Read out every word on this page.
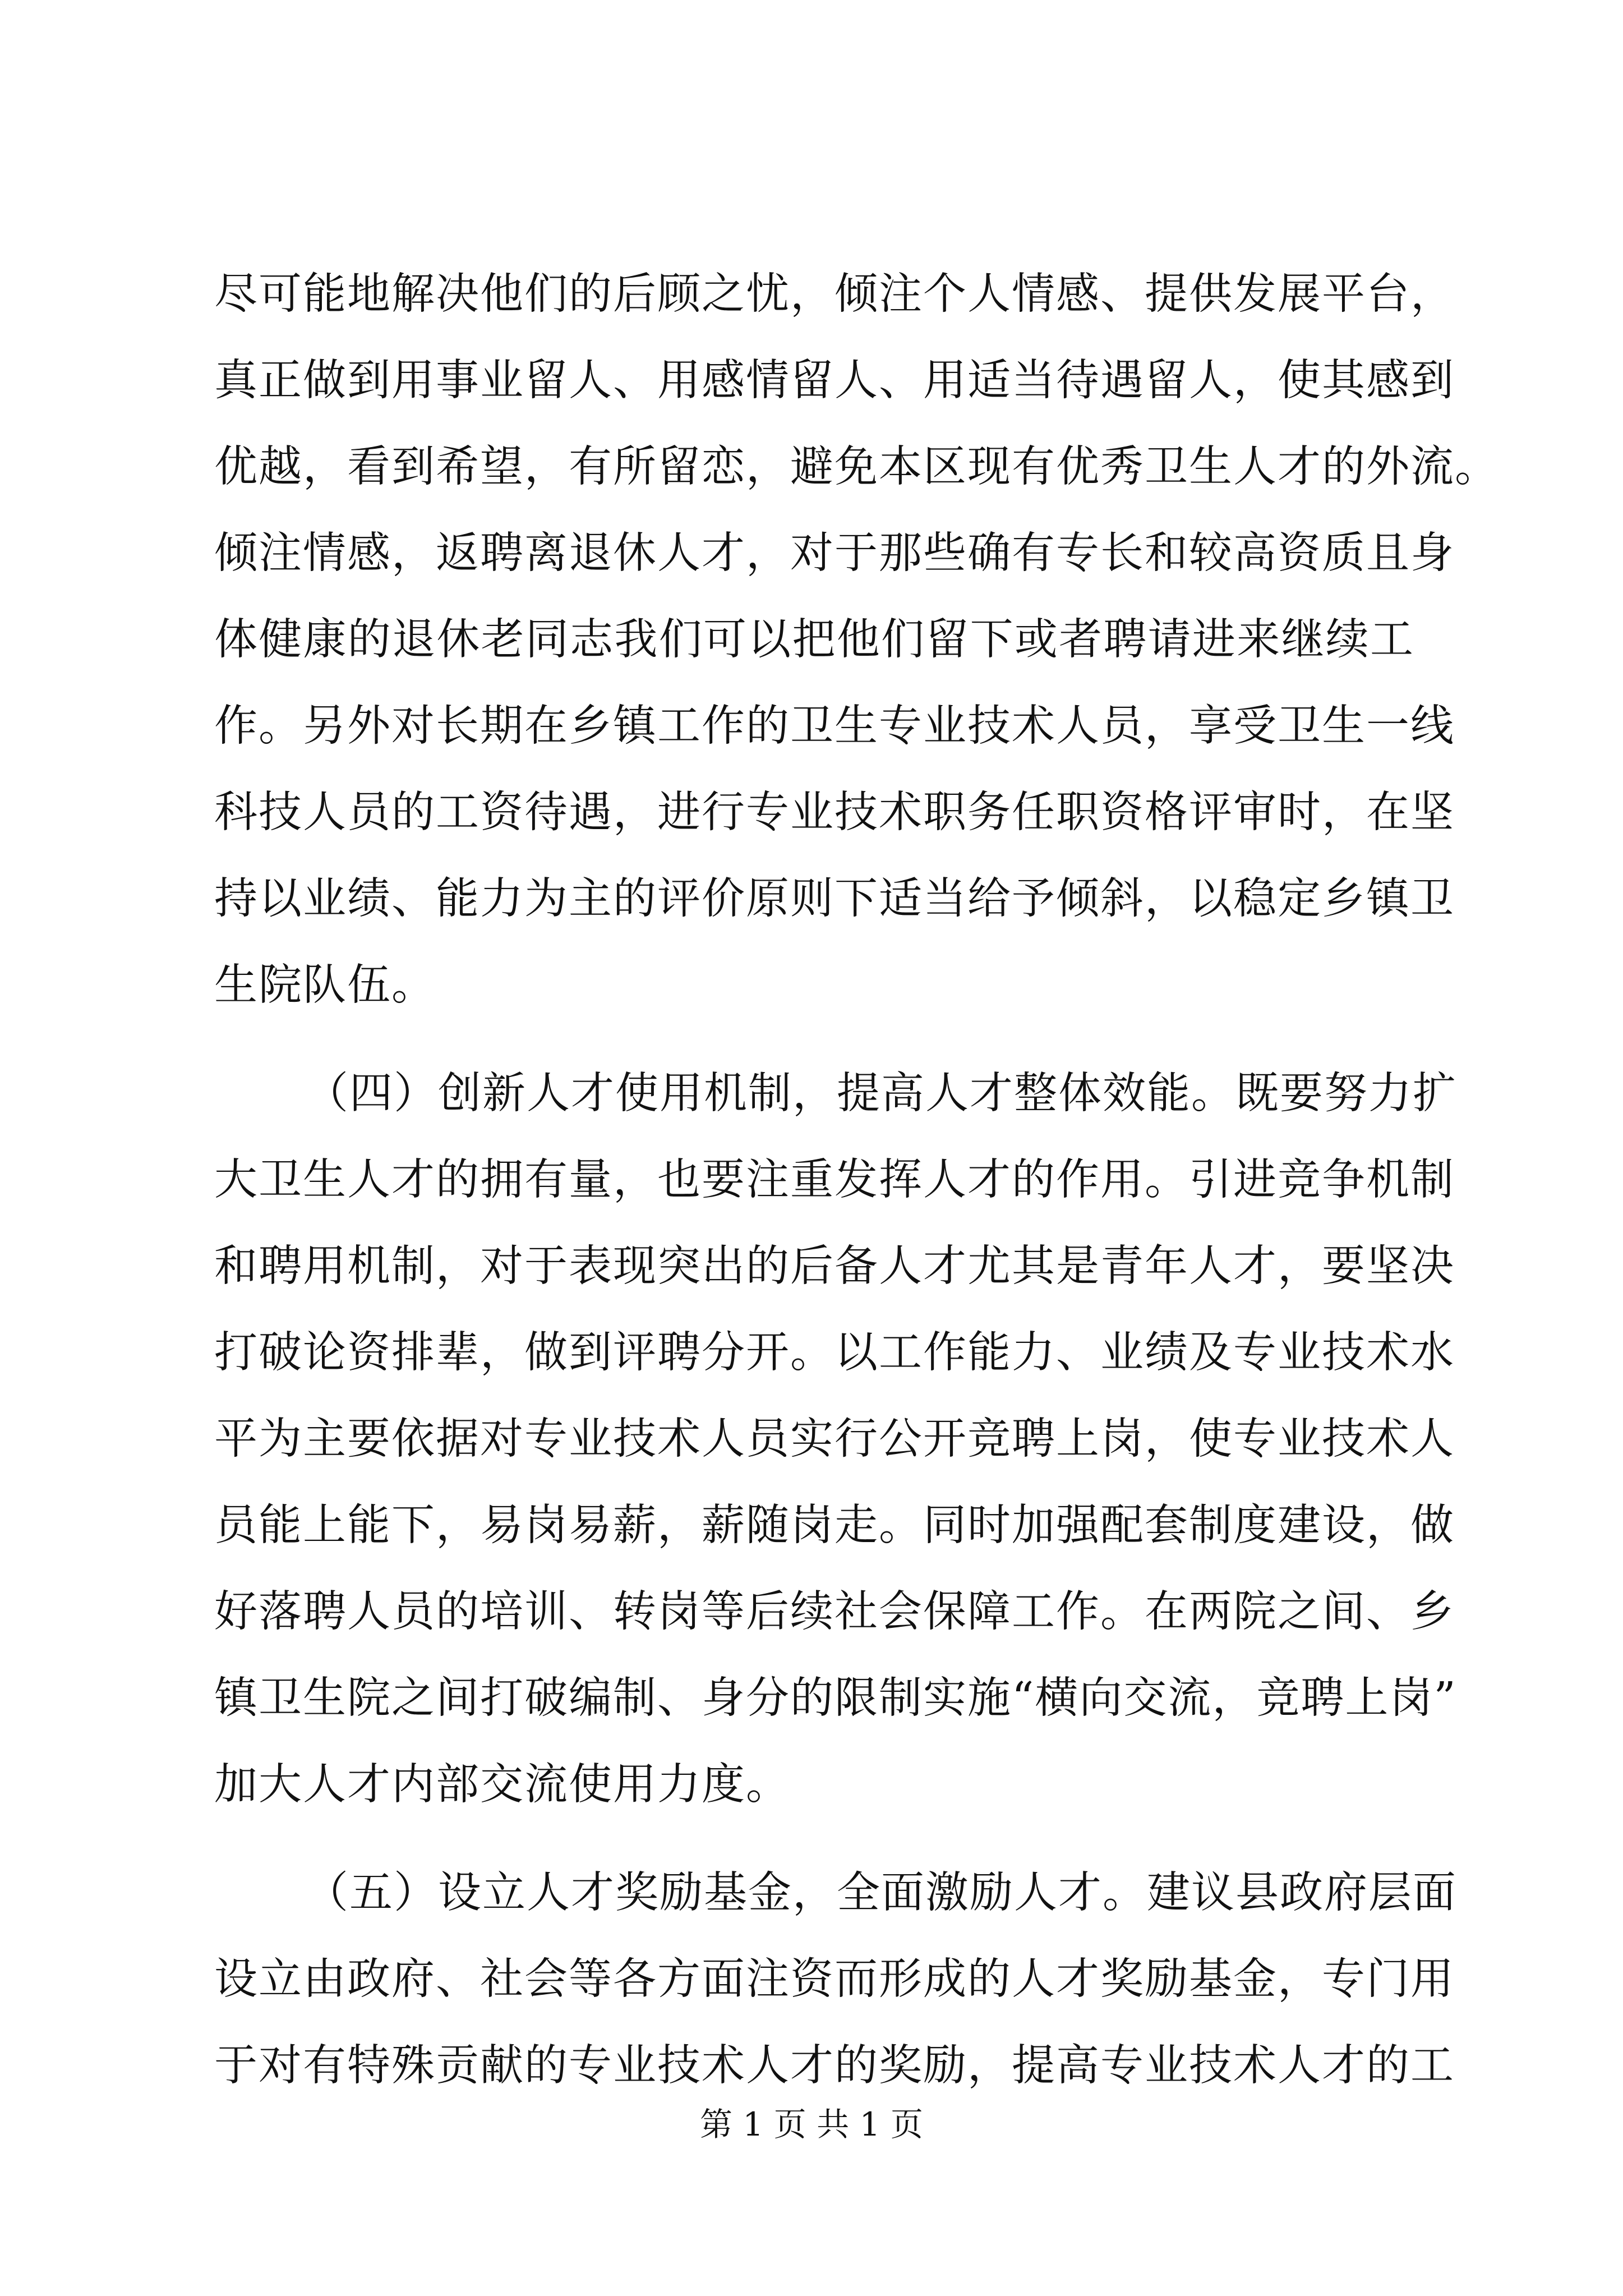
尽可能地解决他们的后顾之忧，倾注个人情感、提供发展平台，
真正做到用事业留人、用感情留人、用适当待遇留人，使其感到
优越，看到希望，有所留恋，避免本区现有优秀卫生人才的外流。
倾注情感，返聘离退休人才，对于那些确有专长和较高资质且身
体健康的退休老同志我们可以把他们留下或者聘请进来继续工
作。另外对长期在乡镇工作的卫生专业技术人员，享受卫生一线
科技人员的工资待遇，进行专业技术职务任职资格评审时，在坚
持以业绩、能力为主的评价原则下适当给予倾斜，以稳定乡镇卫
生院队伍。
（四）创新人才使用机制，提高人才整体效能。既要努力扩
大卫生人才的拥有量，也要注重发挥人才的作用。引进竞争机制
和聘用机制，对于表现突出的后备人才尤其是青年人才，要坚决
打破论资排辈，做到评聘分开。以工作能力、业绩及专业技术水
平为主要依据对专业技术人员实行公开竞聘上岗，使专业技术人
员能上能下，易岗易薪，薪随岗走。同时加强配套制度建设，做
好落聘人员的培训、转岗等后续社会保障工作。在两院之间、乡
镇卫生院之间打破编制、身分的限制实施“横向交流，竞聘上岗”
加大人才内部交流使用力度。
（五）设立人才奖励基金，全面激励人才。建议县政府层面
设立由政府、社会等各方面注资而形成的人才奖励基金，专门用
于对有特殊贡献的专业技术人才的奖励，提高专业技术人才的工
第 1 页 共 1 页
